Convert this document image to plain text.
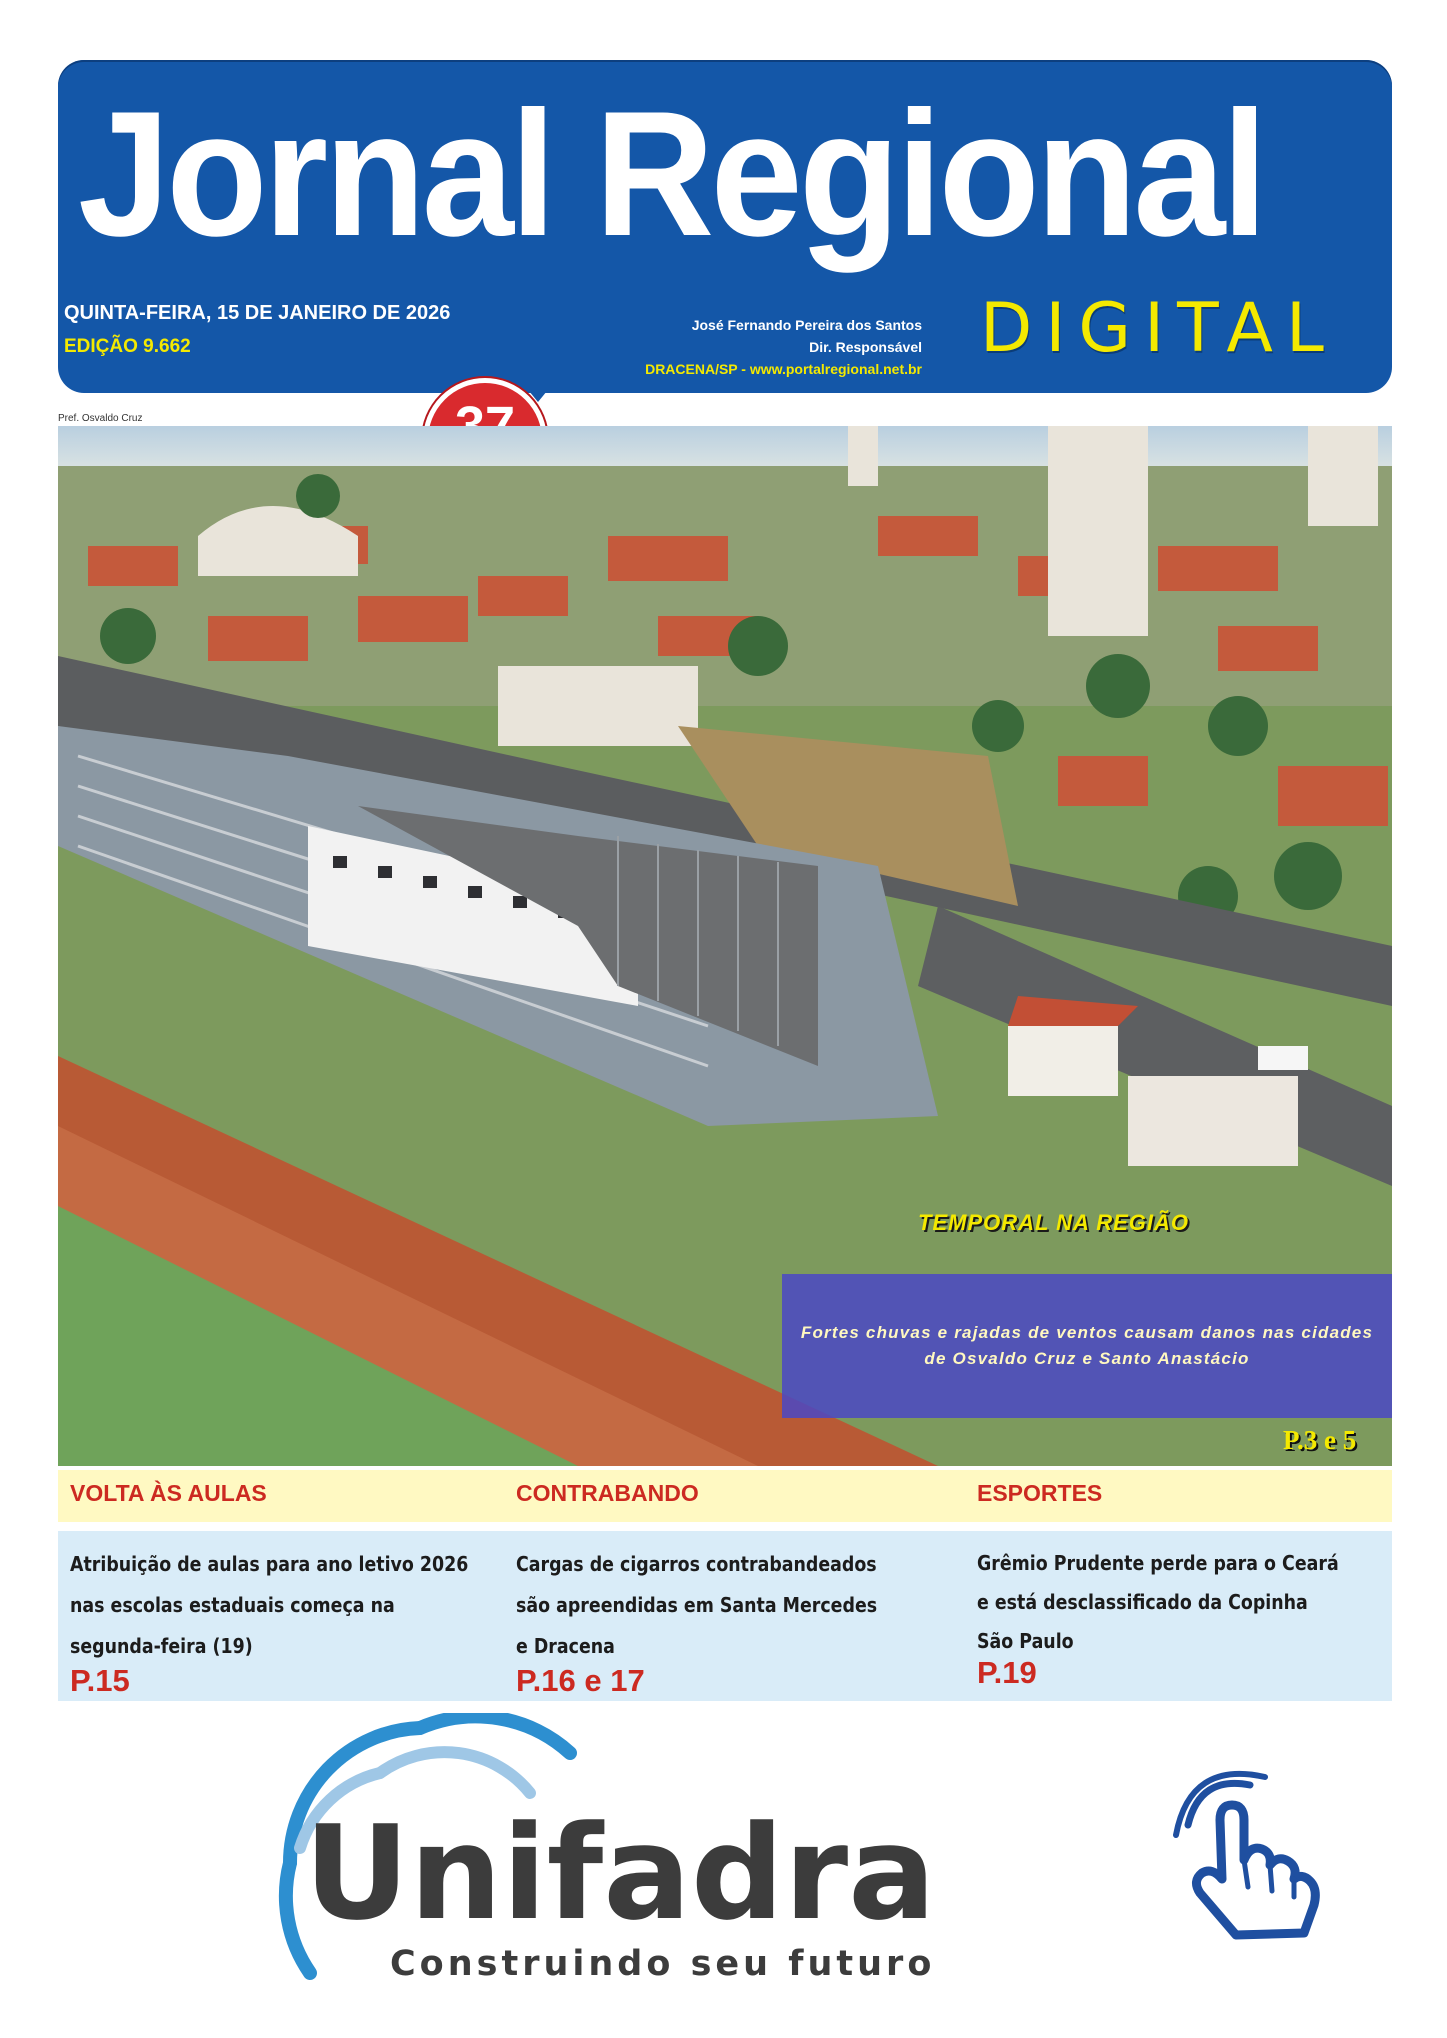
Jornal Regional
QUINTA-FEIRA, 15 DE JANEIRO DE 2026
EDIÇÃO 9.662
José Fernando Pereira dos Santos
Dir. Responsável
DRACENA/SP - www.portalregional.net.br
DIGITAL
Pref. Osvaldo Cruz
TEMPORAL NA REGIÃO
Fortes chuvas e rajadas de ventos causam danos nas cidades de Osvaldo Cruz e Santo Anastácio
P.3 e 5
VOLTA ÀS AULAS	CONTRABANDO	ESPORTES
Atribuição de aulas para ano letivo 2026
nas escolas estaduais começa na
segunda-feira (19)
Cargas de cigarros contrabandeados
são apreendidas em Santa Mercedes
e Dracena
Grêmio Prudente perde para o Ceará
e está desclassificado da Copinha
São Paulo
P.15	P.16 e 17	P.19
Unifadra
Construindo seu futuro
